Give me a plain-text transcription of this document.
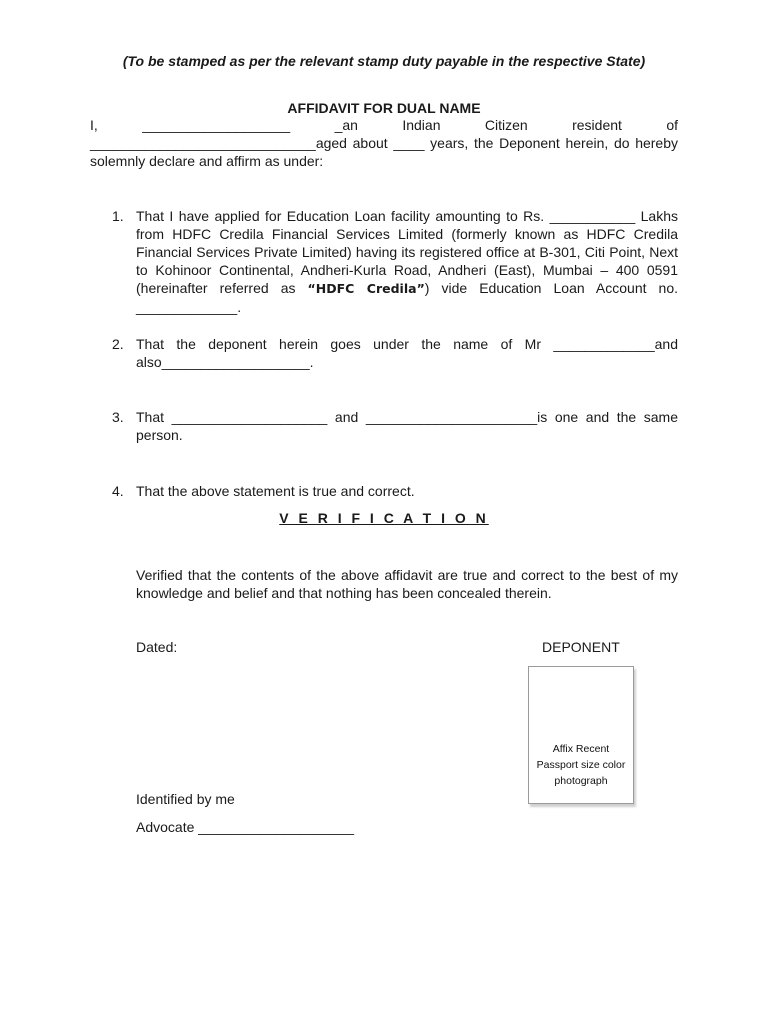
(To be stamped as per the relevant stamp duty payable in the respective State)
AFFIDAVIT FOR DUAL NAME
I,	___________________	_an Indian Citizen resident of
_____________________________aged about ____ years, the Deponent herein, do hereby solemnly declare and affirm as under:
1. That I have applied for Education Loan facility amounting to Rs. ___________ Lakhs from HDFC Credila Financial Services Limited (formerly known as HDFC Credila Financial Services Private Limited) having its registered office at B-301, Citi Point, Next to Kohinoor Continental, Andheri-Kurla Road, Andheri (East), Mumbai – 400 0591 (hereinafter referred as “HDFC Credila”) vide Education Loan Account no. _____________.
2. That the deponent herein goes under the name of Mr _____________and
also___________________.
3. That ____________________ and ______________________is one and the same
person.
4. That the above statement is true and correct.
V E R I F I C A T I O N
Verified that the contents of the above affidavit are true and correct to the best of my knowledge and belief and that nothing has been concealed therein.
Dated:	DEPONENT
Affix Recent
Passport size color
photograph
Identified by me
Advocate ____________________
